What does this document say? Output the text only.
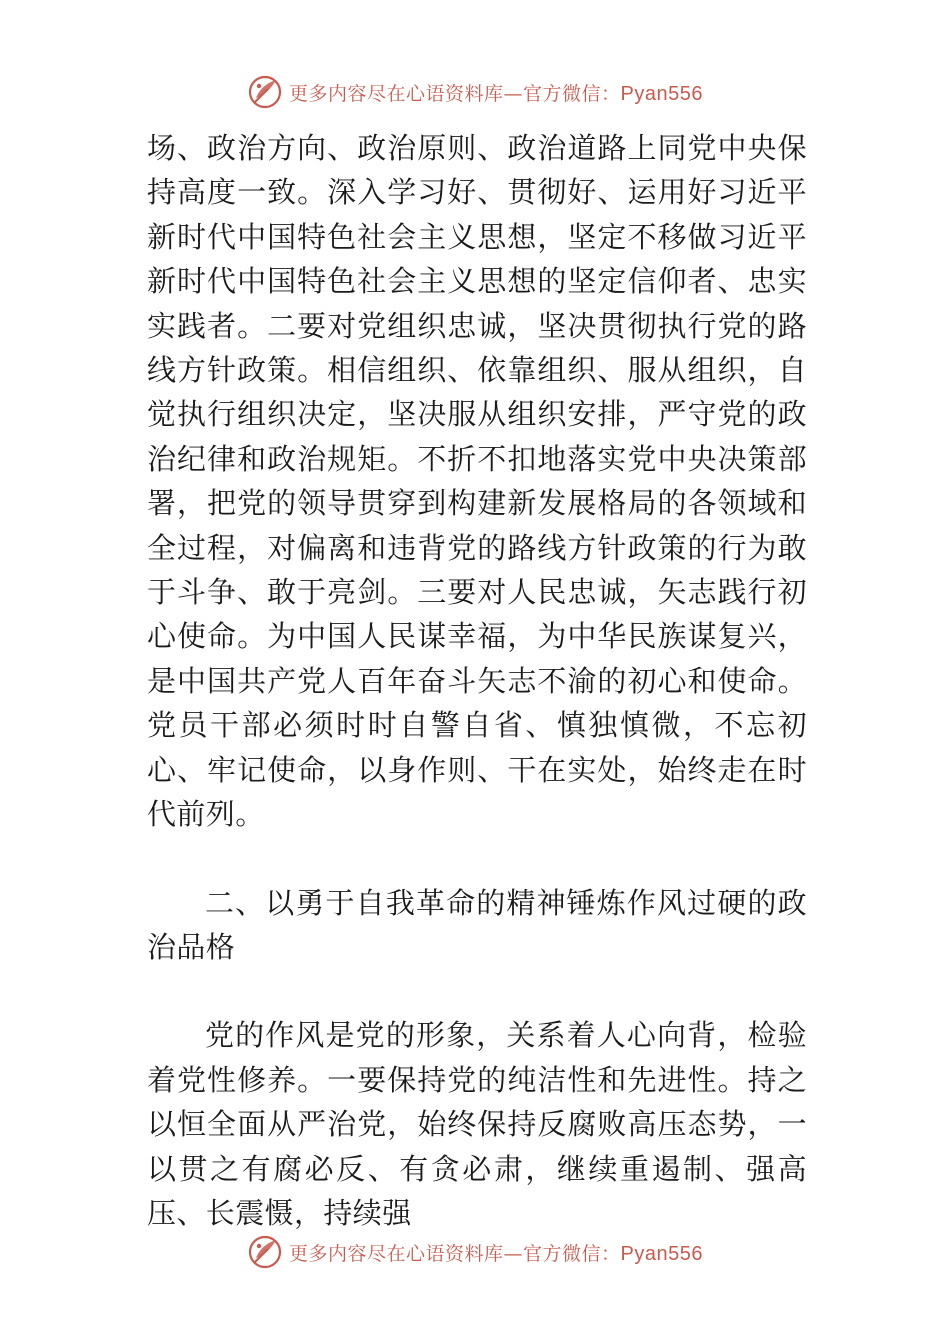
更多内容尽在心语资料库—官方微信：Pyan556

场、政治方向、政治原则、政治道路上同党中央保持高度一致。深入学习好、贯彻好、运用好习近平新时代中国特色社会主义思想，坚定不移做习近平新时代中国特色社会主义思想的坚定信仰者、忠实实践者。二要对党组织忠诚，坚决贯彻执行党的路线方针政策。相信组织、依靠组织、服从组织，自觉执行组织决定，坚决服从组织安排，严守党的政治纪律和政治规矩。不折不扣地落实党中央决策部署，把党的领导贯穿到构建新发展格局的各领域和全过程，对偏离和违背党的路线方针政策的行为敢于斗争、敢于亮剑。三要对人民忠诚，矢志践行初心使命。为中国人民谋幸福，为中华民族谋复兴，是中国共产党人百年奋斗矢志不渝的初心和使命。党员干部必须时时自警自省、慎独慎微，不忘初心、牢记使命，以身作则、干在实处，始终走在时代前列。

二、以勇于自我革命的精神锤炼作风过硬的政治品格

党的作风是党的形象，关系着人心向背，检验着党性修养。一要保持党的纯洁性和先进性。持之以恒全面从严治党，始终保持反腐败高压态势，一以贯之有腐必反、有贪必肃，继续重遏制、强高压、长震慑，持续强

更多内容尽在心语资料库—官方微信：Pyan556
